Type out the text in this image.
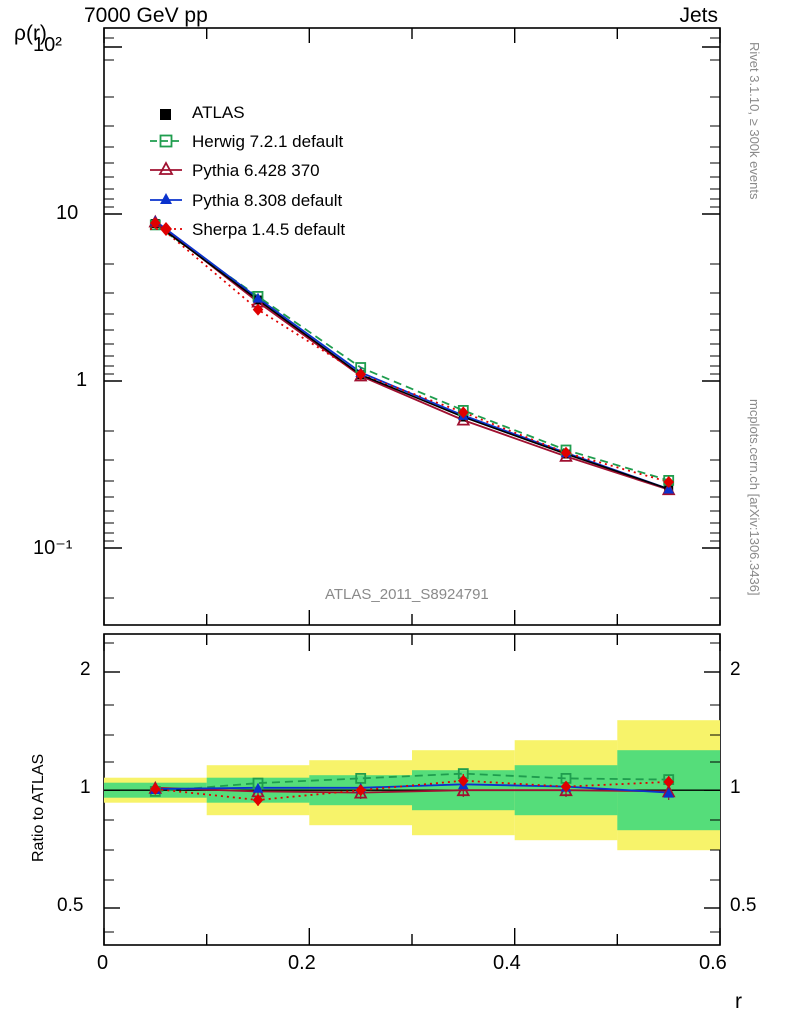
7000 GeV pp	Jets
Rivet 3.1.10, ≥ 300k events
mcplots.cern.ch [arXiv:1306.3436]
ρ(r)
Ratio to ATLAS
r
10²
10
1
10⁻¹
ATLAS
Herwig 7.2.1 default
Pythia 6.428 370
Pythia 8.308 default
Sherpa 1.4.5 default
ATLAS_2011_S8924791
2
1
0.5
2
1
0.5
0	0.2	0.4	0.6
